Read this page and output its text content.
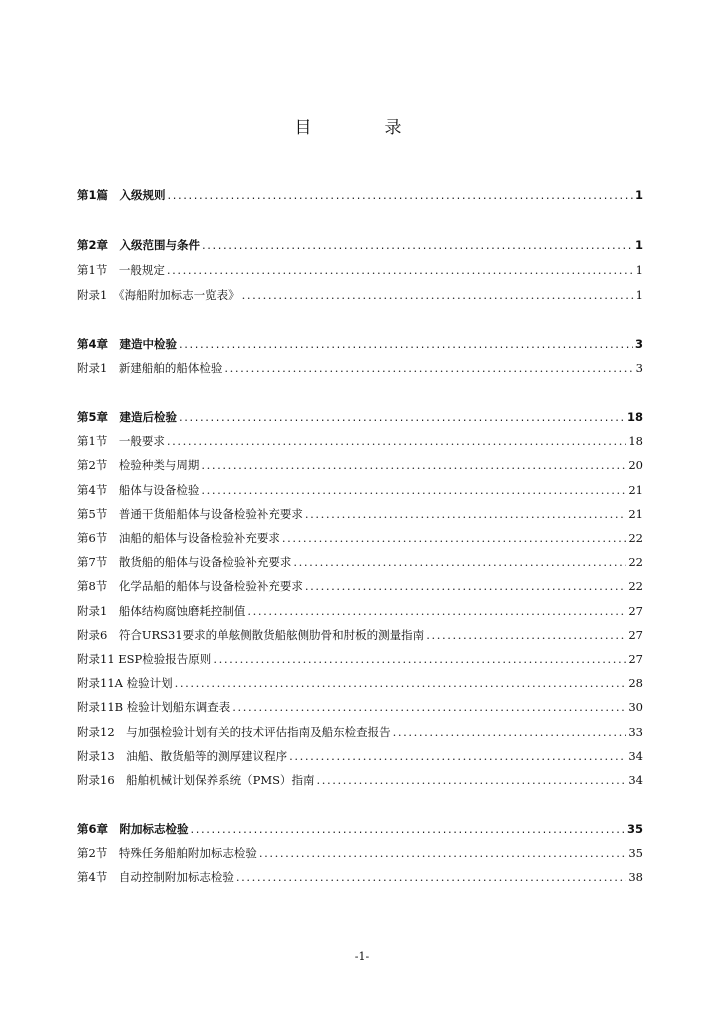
目　录
第1篇　入级规则 .....	1
第2章　入级范围与条件 .....	1
第1节　一般规定 .....	1
附录1　《海船附加标志一览表》 .....	1
第4章　建造中检验 .....	3
附录1　新建船舶的船体检验 .....	3
第5章　建造后检验 .....	18
第1节　一般要求 .....	18
第2节　检验种类与周期 .....	20
第4节　船体与设备检验 .....	21
第5节　普通干货船船体与设备检验补充要求 .....	21
第6节　油船的船体与设备检验补充要求 .....	22
第7节　散货船的船体与设备检验补充要求 .....	22
第8节　化学品船的船体与设备检验补充要求 .....	22
附录1　船体结构腐蚀磨耗控制值 .....	27
附录6　符合URS31要求的单舷侧散货船舷侧肋骨和肘板的测量指南 .....	27
附录11 ESP检验报告原则 .....	27
附录11A 检验计划 .....	28
附录11B 检验计划船东调查表 .....	30
附录12　与加强检验计划有关的技术评估指南及船东检查报告 .....	33
附录13　油船、散货船等的测厚建议程序 .....	34
附录16　船舶机械计划保养系统（PMS）指南 .....	34
第6章　附加标志检验 .....	35
第2节　特殊任务船舶附加标志检验 .....	35
第4节　自动控制附加标志检验 .....	38
-1-
